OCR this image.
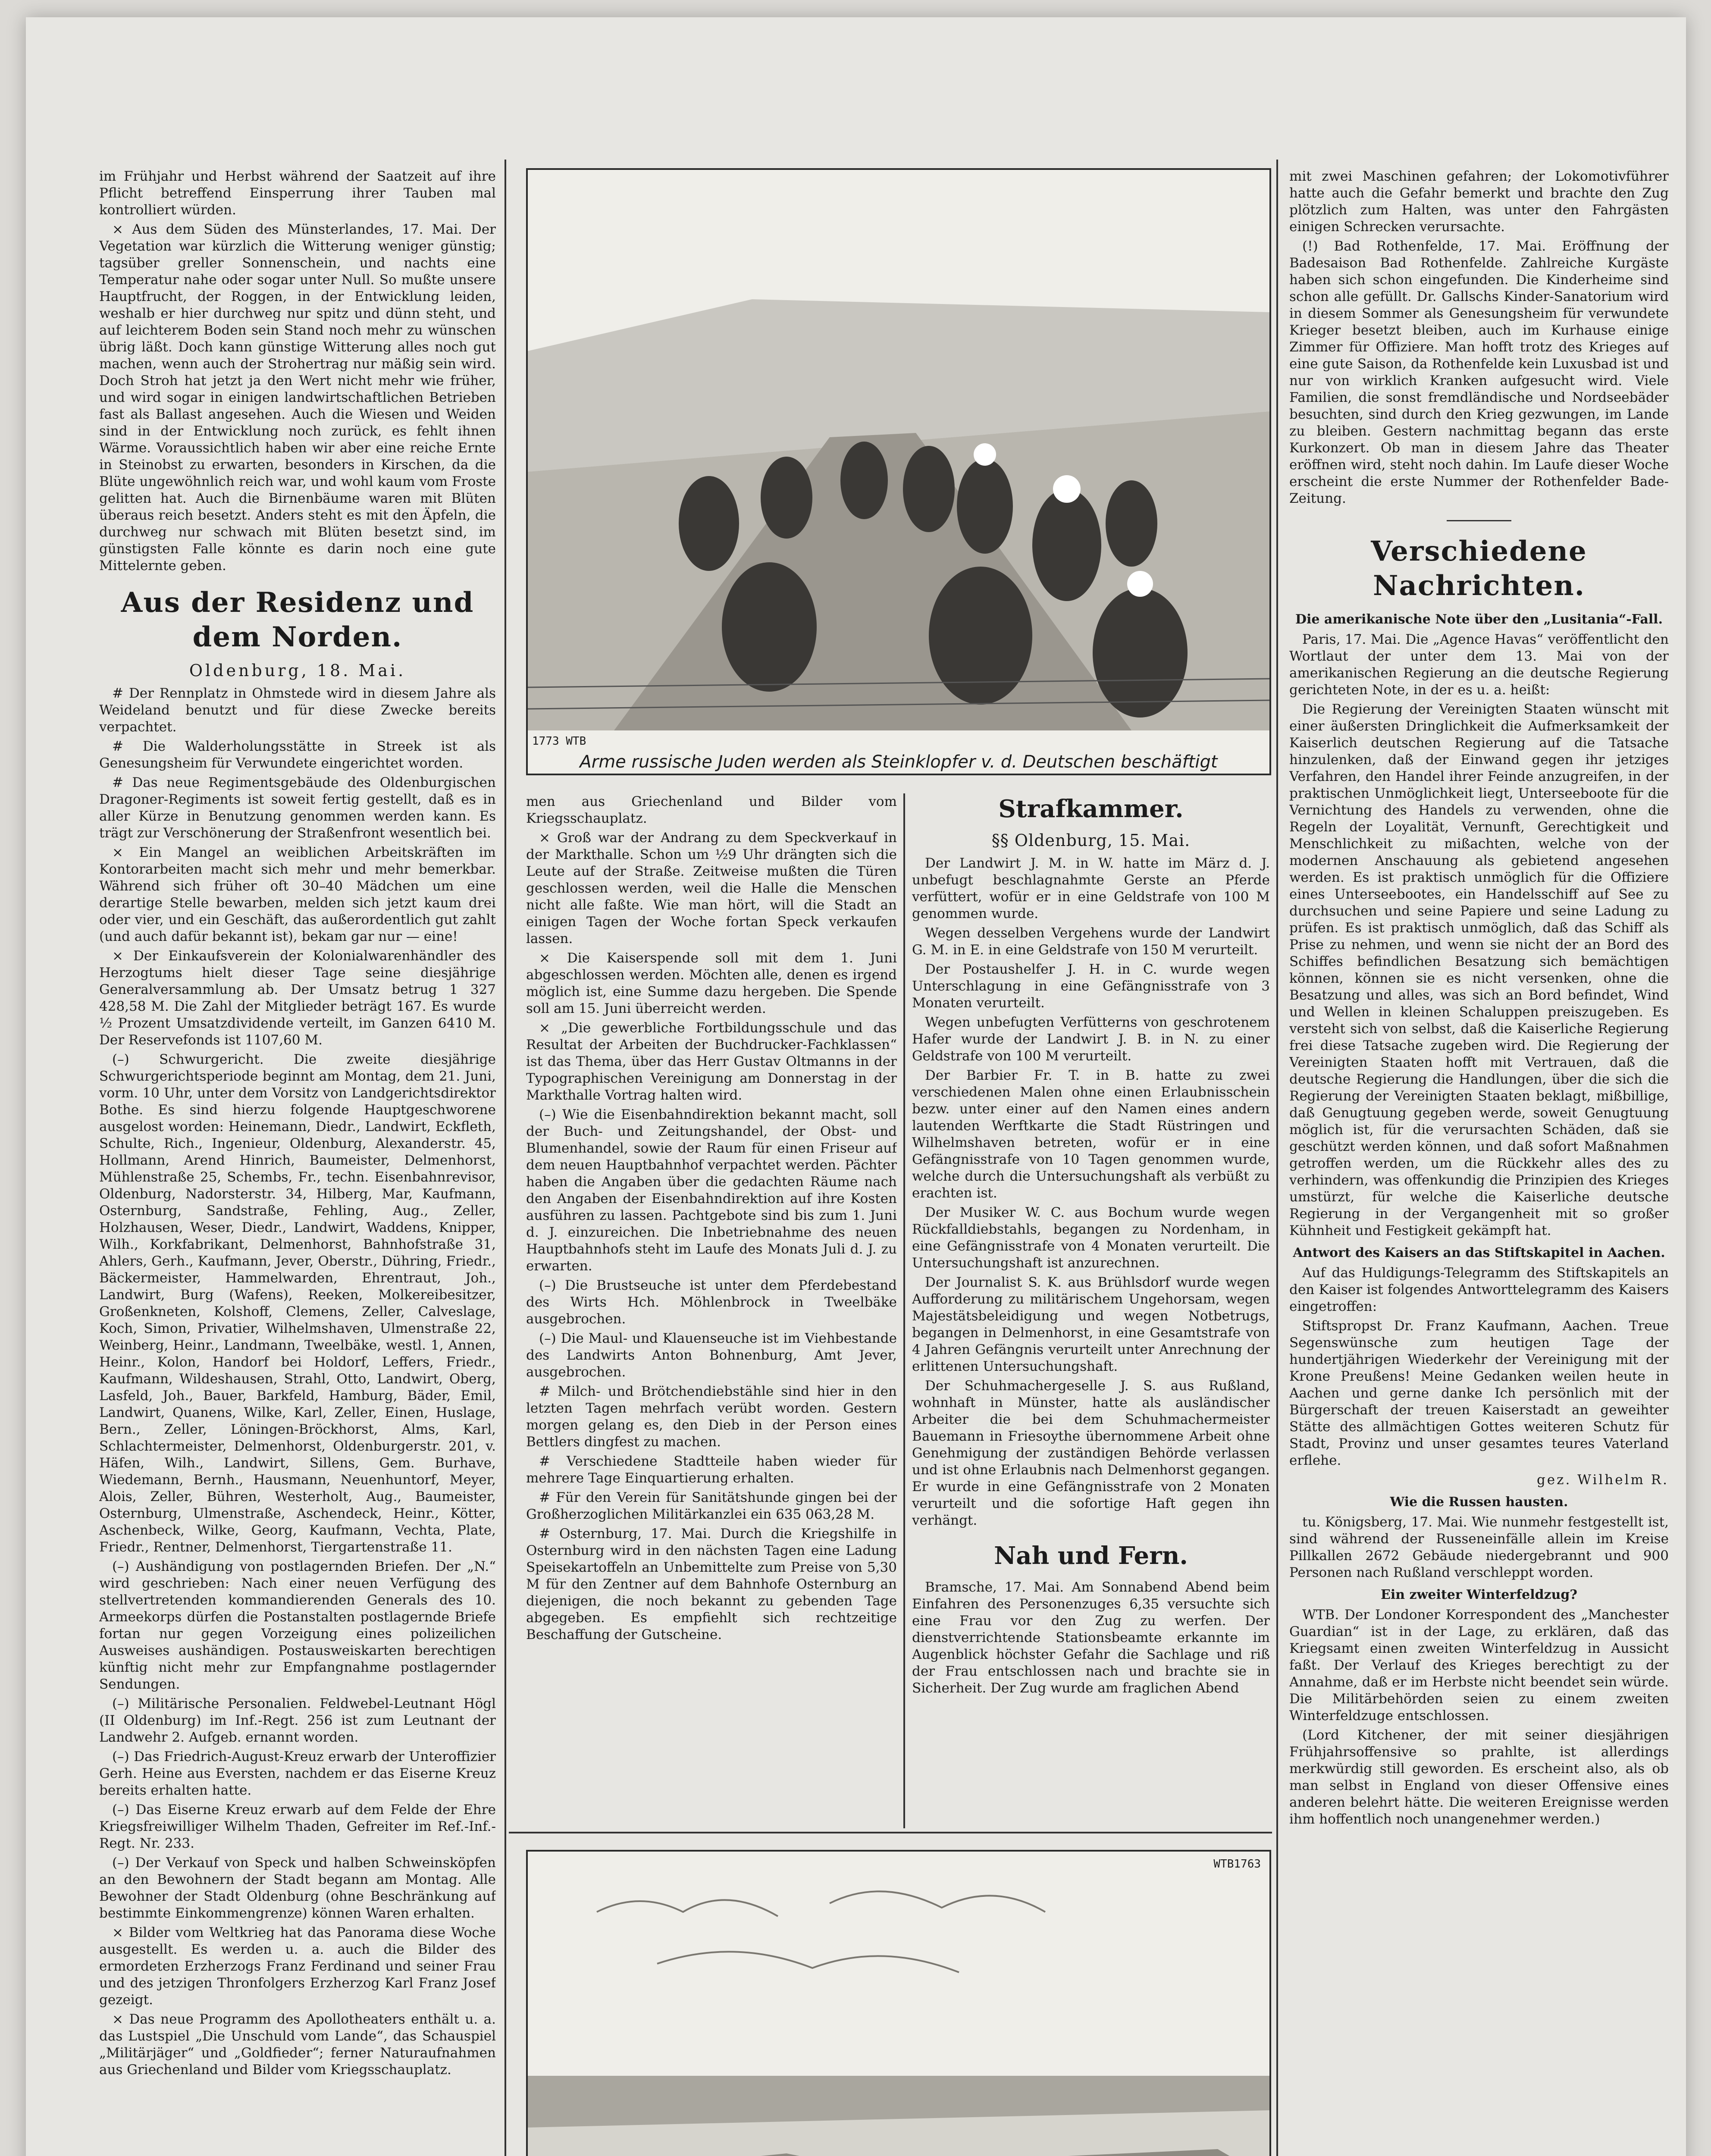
im Frühjahr und Herbst während der Saatzeit auf ihre Pflicht betreffend Einsperrung ihrer Tauben mal kontrolliert würden.

× Aus dem Süden des Münsterlandes, 17. Mai. Der Vegetation war kürzlich die Witterung weniger günstig; tagsüber greller Sonnenschein, und nachts eine Temperatur nahe oder sogar unter Null. So mußte unsere Hauptfrucht, der Roggen, in der Entwicklung leiden, weshalb er hier durchweg nur spitz und dünn steht, und auf leichterem Boden sein Stand noch mehr zu wünschen übrig läßt. Doch kann günstige Witterung alles noch gut machen, wenn auch der Strohertrag nur mäßig sein wird. Doch Stroh hat jetzt ja den Wert nicht mehr wie früher, und wird sogar in einigen landwirtschaftlichen Betrieben fast als Ballast angesehen. Auch die Wiesen und Weiden sind in der Entwicklung noch zurück, es fehlt ihnen Wärme. Voraussichtlich haben wir aber eine reiche Ernte in Steinobst zu erwarten, besonders in Kirschen, da die Blüte ungewöhnlich reich war, und wohl kaum vom Froste gelitten hat. Auch die Birnenbäume waren mit Blüten überaus reich besetzt. Anders steht es mit den Äpfeln, die durchweg nur schwach mit Blüten besetzt sind, im günstigsten Falle könnte es darin noch eine gute Mittelernte geben.

Aus der Residenz und dem Norden.
Oldenburg, 18. Mai.

# Der Rennplatz in Ohmstede wird in diesem Jahre als Weideland benutzt und für diese Zwecke bereits verpachtet.

# Die Walderholungsstätte in Streek ist als Genesungsheim für Verwundete eingerichtet worden.

# Das neue Regimentsgebäude des Oldenburgischen Dragoner-Regiments ist soweit fertig gestellt, daß es in aller Kürze in Benutzung genommen werden kann. Es trägt zur Verschönerung der Straßenfront wesentlich bei.

× Ein Mangel an weiblichen Arbeitskräften im Kontorarbeiten macht sich mehr und mehr bemerkbar. Während sich früher oft 30–40 Mädchen um eine derartige Stelle bewarben, melden sich jetzt kaum drei oder vier, und ein Geschäft, das außerordentlich gut zahlt (und auch dafür bekannt ist), bekam gar nur — eine!

× Der Einkaufsverein der Kolonialwarenhändler des Herzogtums hielt dieser Tage seine diesjährige Generalversammlung ab. Der Umsatz betrug 1 327 428,58 M. Die Zahl der Mitglieder beträgt 167. Es wurde ½ Prozent Umsatzdividende verteilt, im Ganzen 6410 M. Der Reservefonds ist 1107,60 M.

(–) Schwurgericht. Die zweite diesjährige Schwurgerichtsperiode beginnt am Montag, dem 21. Juni, vorm. 10 Uhr, unter dem Vorsitz von Landgerichtsdirektor Bothe. Es sind hierzu folgende Hauptgeschworene ausgelost worden: Heinemann, Diedr., Landwirt, Eckfleth, Schulte, Rich., Ingenieur, Oldenburg, Alexanderstr. 45, Hollmann, Arend Hinrich, Baumeister, Delmenhorst, Mühlenstraße 25, Schembs, Fr., techn. Eisenbahnrevisor, Oldenburg, Nadorsterstr. 34, Hilberg, Mar, Kaufmann, Osternburg, Sandstraße, Fehling, Aug., Zeller, Holzhausen, Weser, Diedr., Landwirt, Waddens, Knipper, Wilh., Korkfabrikant, Delmenhorst, Bahnhofstraße 31, Ahlers, Gerh., Kaufmann, Jever, Oberstr., Dühring, Friedr., Bäckermeister, Hammelwarden, Ehrentraut, Joh., Landwirt, Burg (Wafens), Reeken, Molkereibesitzer, Großenkneten, Kolshoff, Clemens, Zeller, Calveslage, Koch, Simon, Privatier, Wilhelmshaven, Ulmenstraße 22, Weinberg, Heinr., Landmann, Tweelbäke, westl. 1, Annen, Heinr., Kolon, Handorf bei Holdorf, Leffers, Friedr., Kaufmann, Wildeshausen, Strahl, Otto, Landwirt, Oberg, Lasfeld, Joh., Bauer, Barkfeld, Hamburg, Bäder, Emil, Landwirt, Quanens, Wilke, Karl, Zeller, Einen, Huslage, Bern., Zeller, Löningen-Bröckhorst, Alms, Karl, Schlachtermeister, Delmenhorst, Oldenburgerstr. 201, v. Häfen, Wilh., Landwirt, Sillens, Gem. Burhave, Wiedemann, Bernh., Hausmann, Neuenhuntorf, Meyer, Alois, Zeller, Bühren, Westerholt, Aug., Baumeister, Osternburg, Ulmenstraße, Aschendeck, Heinr., Kötter, Aschenbeck, Wilke, Georg, Kaufmann, Vechta, Plate, Friedr., Rentner, Delmenhorst, Tiergartenstraße 11.

(–) Aushändigung von postlagernden Briefen. Der „N.“ wird geschrieben: Nach einer neuen Verfügung des stellvertretenden kommandierenden Generals des 10. Armeekorps dürfen die Postanstalten postlagernde Briefe fortan nur gegen Vorzeigung eines polizeilichen Ausweises aushändigen. Postausweiskarten berechtigen künftig nicht mehr zur Empfangnahme postlagernder Sendungen.

(–) Militärische Personalien. Feldwebel-Leutnant Högl (II Oldenburg) im Inf.-Regt. 256 ist zum Leutnant der Landwehr 2. Aufgeb. ernannt worden.

(–) Das Friedrich-August-Kreuz erwarb der Unteroffizier Gerh. Heine aus Eversten, nachdem er das Eiserne Kreuz bereits erhalten hatte.

(–) Das Eiserne Kreuz erwarb auf dem Felde der Ehre Kriegsfreiwilliger Wilhelm Thaden, Gefreiter im Ref.-Inf.-Regt. Nr. 233.

(–) Der Verkauf von Speck und halben Schweinsköpfen an den Bewohnern der Stadt begann am Montag. Alle Bewohner der Stadt Oldenburg (ohne Beschränkung auf bestimmte Einkommengrenze) können Waren erhalten.

× Bilder vom Weltkrieg hat das Panorama diese Woche ausgestellt. Es werden u. a. auch die Bilder des ermordeten Erzherzogs Franz Ferdinand und seiner Frau und des jetzigen Thronfolgers Erzherzog Karl Franz Josef gezeigt.

× Das neue Programm des Apollotheaters enthält u. a. das Lustspiel „Die Unschuld vom Lande“, das Schauspiel „Militärjäger“ und „Goldfieder“; ferner Naturaufnahmen aus Griechenland und Bilder vom Kriegsschauplatz.

1773 WTB
Arme russische Juden werden als Steinklopfer v. d. Deutschen beschäftigt

men aus Griechenland und Bilder vom Kriegsschauplatz.

× Groß war der Andrang zu dem Speckverkauf in der Markthalle. Schon um ½9 Uhr drängten sich die Leute auf der Straße. Zeitweise mußten die Türen geschlossen werden, weil die Halle die Menschen nicht alle faßte. Wie man hört, will die Stadt an einigen Tagen der Woche fortan Speck verkaufen lassen.

× Die Kaiserspende soll mit dem 1. Juni abgeschlossen werden. Möchten alle, denen es irgend möglich ist, eine Summe dazu hergeben. Die Spende soll am 15. Juni überreicht werden.

× „Die gewerbliche Fortbildungsschule und das Resultat der Arbeiten der Buchdrucker-Fachklassen“ ist das Thema, über das Herr Gustav Oltmanns in der Typographischen Vereinigung am Donnerstag in der Markthalle Vortrag halten wird.

(–) Wie die Eisenbahndirektion bekannt macht, soll der Buch- und Zeitungshandel, der Obst- und Blumenhandel, sowie der Raum für einen Friseur auf dem neuen Hauptbahnhof verpachtet werden. Pächter haben die Angaben über die gedachten Räume nach den Angaben der Eisenbahndirektion auf ihre Kosten ausführen zu lassen. Pachtgebote sind bis zum 1. Juni d. J. einzureichen. Die Inbetriebnahme des neuen Hauptbahnhofs steht im Laufe des Monats Juli d. J. zu erwarten.

(–) Die Brustseuche ist unter dem Pferdebestand des Wirts Hch. Möhlenbrock in Tweelbäke ausgebrochen.

(–) Die Maul- und Klauenseuche ist im Viehbestande des Landwirts Anton Bohnenburg, Amt Jever, ausgebrochen.

# Milch- und Brötchendiebstähle sind hier in den letzten Tagen mehrfach verübt worden. Gestern morgen gelang es, den Dieb in der Person eines Bettlers dingfest zu machen.

# Verschiedene Stadtteile haben wieder für mehrere Tage Einquartierung erhalten.

# Für den Verein für Sanitätshunde gingen bei der Großherzoglichen Militärkanzlei ein 635 063,28 M.

# Osternburg, 17. Mai. Durch die Kriegshilfe in Osternburg wird in den nächsten Tagen eine Ladung Speisekartoffeln an Unbemittelte zum Preise von 5,30 M für den Zentner auf dem Bahnhofe Osternburg an diejenigen, die noch bekannt zu gebenden Tage abgegeben. Es empfiehlt sich rechtzeitige Beschaffung der Gutscheine.

Strafkammer.
§§ Oldenburg, 15. Mai.

Der Landwirt J. M. in W. hatte im März d. J. unbefugt beschlagnahmte Gerste an Pferde verfüttert, wofür er in eine Geldstrafe von 100 M genommen wurde.

Wegen desselben Vergehens wurde der Landwirt G. M. in E. in eine Geldstrafe von 150 M verurteilt.

Der Postaushelfer J. H. in C. wurde wegen Unterschlagung in eine Gefängnisstrafe von 3 Monaten verurteilt.

Wegen unbefugten Verfütterns von geschrotenem Hafer wurde der Landwirt J. B. in N. zu einer Geldstrafe von 100 M verurteilt.

Der Barbier Fr. T. in B. hatte zu zwei verschiedenen Malen ohne einen Erlaubnisschein bezw. unter einer auf den Namen eines andern lautenden Werftkarte die Stadt Rüstringen und Wilhelmshaven betreten, wofür er in eine Gefängnisstrafe von 10 Tagen genommen wurde, welche durch die Untersuchungshaft als verbüßt zu erachten ist.

Der Musiker W. C. aus Bochum wurde wegen Rückfalldiebstahls, begangen zu Nordenham, in eine Gefängnisstrafe von 4 Monaten verurteilt. Die Untersuchungshaft ist anzurechnen.

Der Journalist S. K. aus Brühlsdorf wurde wegen Aufforderung zu militärischem Ungehorsam, wegen Majestätsbeleidigung und wegen Notbetrugs, begangen in Delmenhorst, in eine Gesamtstrafe von 4 Jahren Gefängnis verurteilt unter Anrechnung der erlittenen Untersuchungshaft.

Der Schuhmachergeselle J. S. aus Rußland, wohnhaft in Münster, hatte als ausländischer Arbeiter die bei dem Schuhmachermeister Bauemann in Friesoythe übernommene Arbeit ohne Genehmigung der zuständigen Behörde verlassen und ist ohne Erlaubnis nach Delmenhorst gegangen. Er wurde in eine Gefängnisstrafe von 2 Monaten verurteilt und die sofortige Haft gegen ihn verhängt.

Nah und Fern.

Bramsche, 17. Mai. Am Sonnabend Abend beim Einfahren des Personenzuges 6,35 versuchte sich eine Frau vor den Zug zu werfen. Der dienstverrichtende Stationsbeamte erkannte im Augenblick höchster Gefahr die Sachlage und riß der Frau entschlossen nach und brachte sie in Sicherheit. Der Zug wurde am fraglichen Abend

WTB1763

mit zwei Maschinen gefahren; der Lokomotivführer hatte auch die Gefahr bemerkt und brachte den Zug plötzlich zum Halten, was unter den Fahrgästen einigen Schrecken verursachte.

(!) Bad Rothenfelde, 17. Mai. Eröffnung der Badesaison Bad Rothenfelde. Zahlreiche Kurgäste haben sich schon eingefunden. Die Kinderheime sind schon alle gefüllt. Dr. Gallschs Kinder-Sanatorium wird in diesem Sommer als Genesungsheim für verwundete Krieger besetzt bleiben, auch im Kurhause einige Zimmer für Offiziere. Man hofft trotz des Krieges auf eine gute Saison, da Rothenfelde kein Luxusbad ist und nur von wirklich Kranken aufgesucht wird. Viele Familien, die sonst fremdländische und Nordseebäder besuchten, sind durch den Krieg gezwungen, im Lande zu bleiben. Gestern nachmittag begann das erste Kurkonzert. Ob man in diesem Jahre das Theater eröffnen wird, steht noch dahin. Im Laufe dieser Woche erscheint die erste Nummer der Rothenfelder Bade-Zeitung.

Verschiedene Nachrichten.
Die amerikanische Note über den „Lusitania“-Fall.

Paris, 17. Mai. Die „Agence Havas“ veröffentlicht den Wortlaut der unter dem 13. Mai von der amerikanischen Regierung an die deutsche Regierung gerichteten Note, in der es u. a. heißt:

Die Regierung der Vereinigten Staaten wünscht mit einer äußersten Dringlichkeit die Aufmerksamkeit der Kaiserlich deutschen Regierung auf die Tatsache hinzulenken, daß der Einwand gegen ihr jetziges Verfahren, den Handel ihrer Feinde anzugreifen, in der praktischen Unmöglichkeit liegt, Unterseeboote für die Vernichtung des Handels zu verwenden, ohne die Regeln der Loyalität, Vernunft, Gerechtigkeit und Menschlichkeit zu mißachten, welche von der modernen Anschauung als gebietend angesehen werden. Es ist praktisch unmöglich für die Offiziere eines Unterseebootes, ein Handelsschiff auf See zu durchsuchen und seine Papiere und seine Ladung zu prüfen. Es ist praktisch unmöglich, daß das Schiff als Prise zu nehmen, und wenn sie nicht der an Bord des Schiffes befindlichen Besatzung sich bemächtigen können, können sie es nicht versenken, ohne die Besatzung und alles, was sich an Bord befindet, Wind und Wellen in kleinen Schaluppen preiszugeben. Es versteht sich von selbst, daß die Kaiserliche Regierung frei diese Tatsache zugeben wird. Die Regierung der Vereinigten Staaten hofft mit Vertrauen, daß die deutsche Regierung die Handlungen, über die sich die Regierung der Vereinigten Staaten beklagt, mißbillige, daß Genugtuung gegeben werde, soweit Genugtuung möglich ist, für die verursachten Schäden, daß sie geschützt werden können, und daß sofort Maßnahmen getroffen werden, um die Rückkehr alles des zu verhindern, was offenkundig die Prinzipien des Krieges umstürzt, für welche die Kaiserliche deutsche Regierung in der Vergangenheit mit so großer Kühnheit und Festigkeit gekämpft hat.

Antwort des Kaisers an das Stiftskapitel in Aachen.

Auf das Huldigungs-Telegramm des Stiftskapitels an den Kaiser ist folgendes Antworttelegramm des Kaisers eingetroffen:

Stiftspropst Dr. Franz Kaufmann, Aachen. Treue Segenswünsche zum heutigen Tage der hundertjährigen Wiederkehr der Vereinigung mit der Krone Preußens! Meine Gedanken weilen heute in Aachen und gerne danke Ich persönlich mit der Bürgerschaft der treuen Kaiserstadt an geweihter Stätte des allmächtigen Gottes weiteren Schutz für Stadt, Provinz und unser gesamtes teures Vaterland erflehe.

gez. Wilhelm R.
Wie die Russen hausten.

tu. Königsberg, 17. Mai. Wie nunmehr festgestellt ist, sind während der Russeneinfälle allein im Kreise Pillkallen 2672 Gebäude niedergebrannt und 900 Personen nach Rußland verschleppt worden.

Ein zweiter Winterfeldzug?

WTB. Der Londoner Korrespondent des „Manchester Guardian“ ist in der Lage, zu erklären, daß das Kriegsamt einen zweiten Winterfeldzug in Aussicht faßt. Der Verlauf des Krieges berechtigt zu der Annahme, daß er im Herbste nicht beendet sein würde. Die Militärbehörden seien zu einem zweiten Winterfeldzuge entschlossen.

(Lord Kitchener, der mit seiner diesjährigen Frühjahrsoffensive so prahlte, ist allerdings merkwürdig still geworden. Es erscheint also, als ob man selbst in England von dieser Offensive eines anderen belehrt hätte. Die weiteren Ereignisse werden ihm hoffentlich noch unangenehmer werden.)
